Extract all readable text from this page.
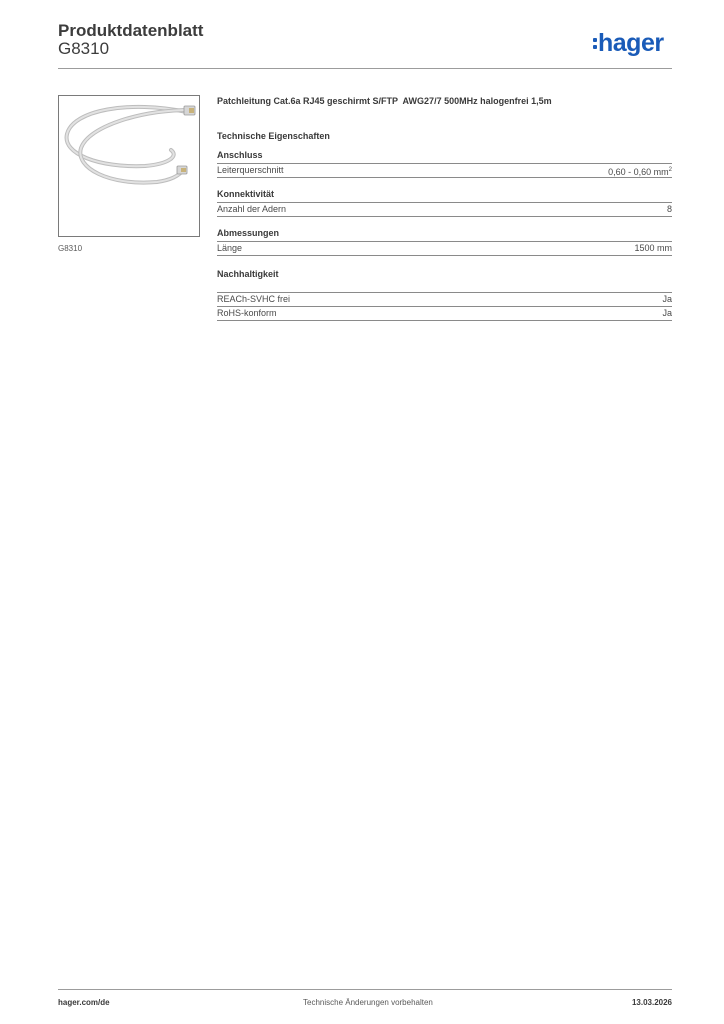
Produktdatenblatt
G8310	hager
G8310
Patchleitung Cat.6a RJ45 geschirmt S/FTP  AWG27/7 500MHz halogenfrei 1,5m
Technische Eigenschaften
Anschluss
Leiterquerschnitt	0,60 - 0,60 $mm^2$
Konnektivität
Anzahl der Adern	8
Abmessungen
Länge	1500 mm
Nachhaltigkeit
REACh-SVHC frei	Ja
RoHS-konform	Ja
hager.com/de	Technische Änderungen vorbehalten	13.03.2026
